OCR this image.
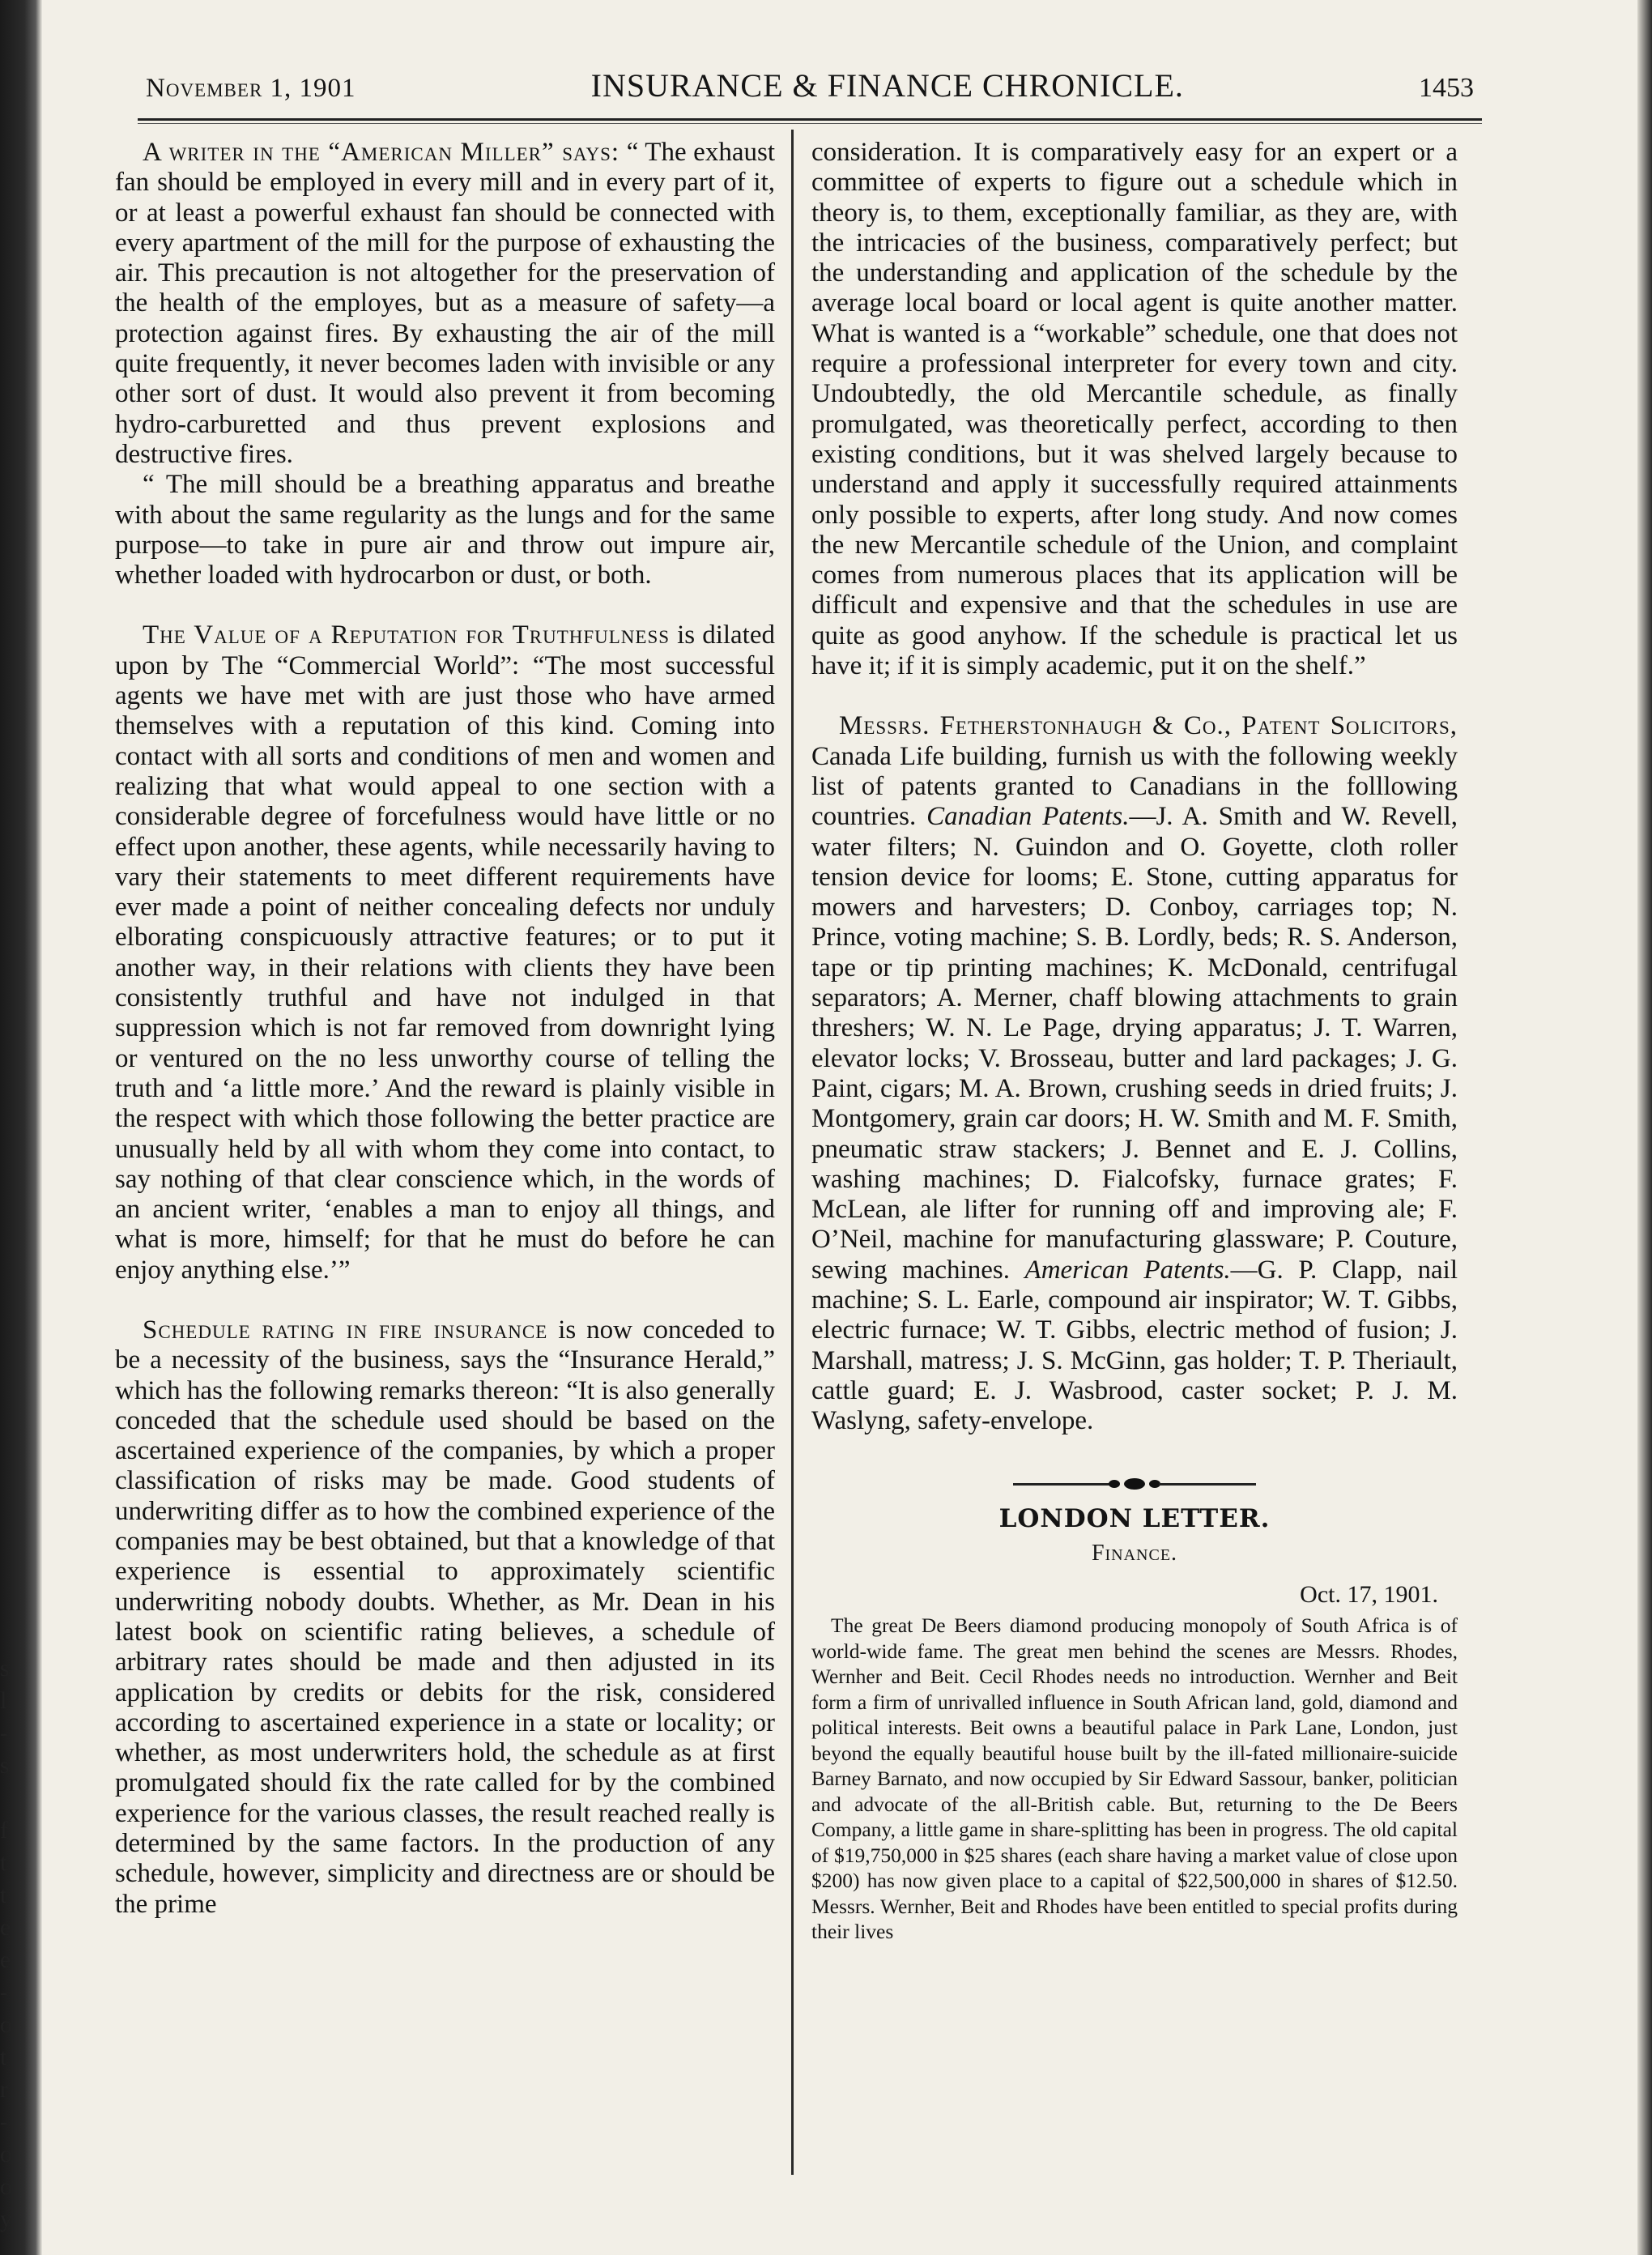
s
l
-
s
f
t
t
e
e
-
o
t
r
-
o
o
y
November 1, 1901	INSURANCE & FINANCE CHRONICLE.	1453

A writer in the “American Miller” says: “ The exhaust fan should be employed in every mill and in every part of it, or at least a powerful exhaust fan should be connected with every apartment of the mill for the purpose of exhausting the air. This precaution is not altogether for the preservation of the health of the employes, but as a measure of safety—a protection against fires. By exhausting the air of the mill quite frequently, it never becomes laden with invisible or any other sort of dust. It would also prevent it from becoming hydro-carburetted and thus prevent explosions and destructive fires.

“ The mill should be a breathing apparatus and breathe with about the same regularity as the lungs and for the same purpose—to take in pure air and throw out impure air, whether loaded with hydrocarbon or dust, or both.

The Value of a Reputation for Truthfulness is dilated upon by The “Commercial World”: “The most successful agents we have met with are just those who have armed themselves with a reputation of this kind. Coming into contact with all sorts and conditions of men and women and realizing that what would appeal to one section with a considerable degree of forcefulness would have little or no effect upon another, these agents, while necessarily having to vary their statements to meet different requirements have ever made a point of neither concealing defects nor unduly elborating conspicuously attractive features; or to put it another way, in their relations with clients they have been consistently truthful and have not indulged in that suppression which is not far removed from downright lying or ventured on the no less unworthy course of telling the truth and ‘a little more.’ And the reward is plainly visible in the respect with which those following the better practice are unusually held by all with whom they come into contact, to say nothing of that clear conscience which, in the words of an ancient writer, ‘enables a man to enjoy all things, and what is more, himself; for that he must do before he can enjoy anything else.’”

Schedule rating in fire insurance is now conceded to be a necessity of the business, says the “Insurance Herald,” which has the following remarks thereon: “It is also generally conceded that the schedule used should be based on the ascertained experience of the companies, by which a proper classification of risks may be made. Good students of underwriting differ as to how the combined experience of the companies may be best obtained, but that a knowledge of that experience is essential to approximately scientific underwriting nobody doubts. Whether, as Mr. Dean in his latest book on scientific rating believes, a schedule of arbitrary rates should be made and then adjusted in its application by credits or debits for the risk, considered according to ascertained experience in a state or locality; or whether, as most underwriters hold, the schedule as at first promulgated should fix the rate called for by the combined experience for the various classes, the result reached really is determined by the same factors. In the production of any schedule, however, simplicity and directness are or should be the prime

consideration. It is comparatively easy for an expert or a committee of experts to figure out a schedule which in theory is, to them, exceptionally familiar, as they are, with the intricacies of the business, comparatively perfect; but the understanding and application of the schedule by the average local board or local agent is quite another matter. What is wanted is a “workable” schedule, one that does not require a professional interpreter for every town and city. Undoubtedly, the old Mercantile schedule, as finally promulgated, was theoretically perfect, according to then existing conditions, but it was shelved largely because to understand and apply it successfully required attainments only possible to experts, after long study. And now comes the new Mercantile schedule of the Union, and complaint comes from numerous places that its application will be difficult and expensive and that the schedules in use are quite as good anyhow. If the schedule is practical let us have it; if it is simply academic, put it on the shelf.”

Messrs. Fetherstonhaugh & Co., Patent Solicitors, Canada Life building, furnish us with the following weekly list of patents granted to Canadians in the folllowing countries. Canadian Patents.—J. A. Smith and W. Revell, water filters; N. Guindon and O. Goyette, cloth roller tension device for looms; E. Stone, cutting apparatus for mowers and harvesters; D. Conboy, carriages top; N. Prince, voting machine; S. B. Lordly, beds; R. S. Anderson, tape or tip printing machines; K. McDonald, centrifugal separators; A. Merner, chaff blowing attachments to grain threshers; W. N. Le Page, drying apparatus; J. T. Warren, elevator locks; V. Brosseau, butter and lard packages; J. G. Paint, cigars; M. A. Brown, crushing seeds in dried fruits; J. Montgomery, grain car doors; H. W. Smith and M. F. Smith, pneumatic straw stackers; J. Bennet and E. J. Collins, washing machines; D. Fialcofsky, furnace grates; F. McLean, ale lifter for running off and improving ale; F. O’Neil, machine for manufacturing glassware; P. Couture, sewing machines. American Patents.—G. P. Clapp, nail machine; S. L. Earle, compound air inspirator; W. T. Gibbs, electric furnace; W. T. Gibbs, electric method of fusion; J. Marshall, matress; J. S. McGinn, gas holder; T. P. Theriault, cattle guard; E. J. Wasbrood, caster socket; P. J. M. Waslyng, safety-envelope.

LONDON LETTER.
Finance.
Oct. 17, 1901.

The great De Beers diamond producing monopoly of South Africa is of world-wide fame. The great men behind the scenes are Messrs. Rhodes, Wernher and Beit. Cecil Rhodes needs no introduction. Wernher and Beit form a firm of unrivalled influence in South African land, gold, diamond and political interests. Beit owns a beautiful palace in Park Lane, London, just beyond the equally beautiful house built by the ill-fated millionaire-suicide Barney Barnato, and now occupied by Sir Edward Sassour, banker, politician and advocate of the all-British cable. But, returning to the De Beers Company, a little game in share-splitting has been in progress. The old capital of $19,750,000 in $25 shares (each share having a market value of close upon $200) has now given place to a capital of $22,500,000 in shares of $12.50. Messrs. Wernher, Beit and Rhodes have been entitled to special profits during their lives
